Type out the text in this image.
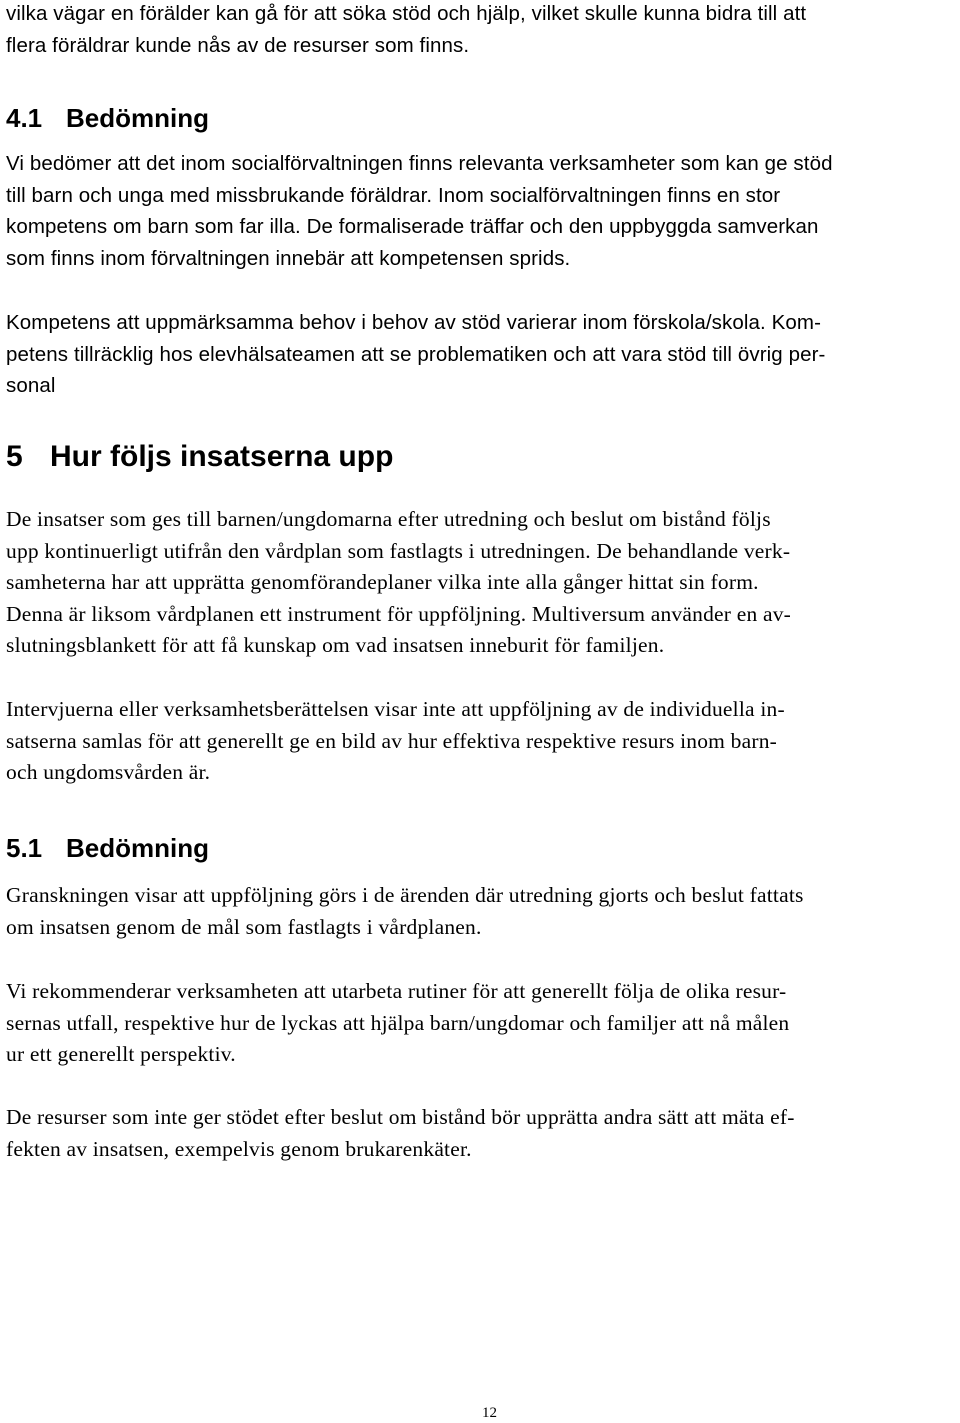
vilka vägar en förälder kan gå för att söka stöd och hjälp, vilket skulle kunna bidra till att
flera föräldrar kunde nås av de resurser som finns.

4.1 Bedömning

Vi bedömer att det inom socialförvaltningen finns relevanta verksamheter som kan ge stöd
till barn och unga med missbrukande föräldrar. Inom socialförvaltningen finns en stor
kompetens om barn som far illa. De formaliserade träffar och den uppbyggda samverkan
som finns inom förvaltningen innebär att kompetensen sprids.

Kompetens att uppmärksamma behov i behov av stöd varierar inom förskola/skola. Kom-
petens tillräcklig hos elevhälsateamen att se problematiken och att vara stöd till övrig per-
sonal

5 Hur följs insatserna upp

De insatser som ges till barnen/ungdomarna efter utredning och beslut om bistånd följs
upp kontinuerligt utifrån den vårdplan som fastlagts i utredningen. De behandlande verk-
samheterna har att upprätta genomförandeplaner vilka inte alla gånger hittat sin form.
Denna är liksom vårdplanen ett instrument för uppföljning. Multiversum använder en av-
slutningsblankett för att få kunskap om vad insatsen inneburit för familjen.

Intervjuerna eller verksamhetsberättelsen visar inte att uppföljning av de individuella in-
satserna samlas för att generellt ge en bild av hur effektiva respektive resurs inom barn-
och ungdomsvården är.

5.1 Bedömning

Granskningen visar att uppföljning görs i de ärenden där utredning gjorts och beslut fattats
om insatsen genom de mål som fastlagts i vårdplanen.

Vi rekommenderar verksamheten att utarbeta rutiner för att generellt följa de olika resur-
sernas utfall, respektive hur de lyckas att hjälpa barn/ungdomar och familjer att nå målen
ur ett generellt perspektiv.

De resurser som inte ger stödet efter beslut om bistånd bör upprätta andra sätt att mäta ef-
fekten av insatsen, exempelvis genom brukarenkäter.

12
